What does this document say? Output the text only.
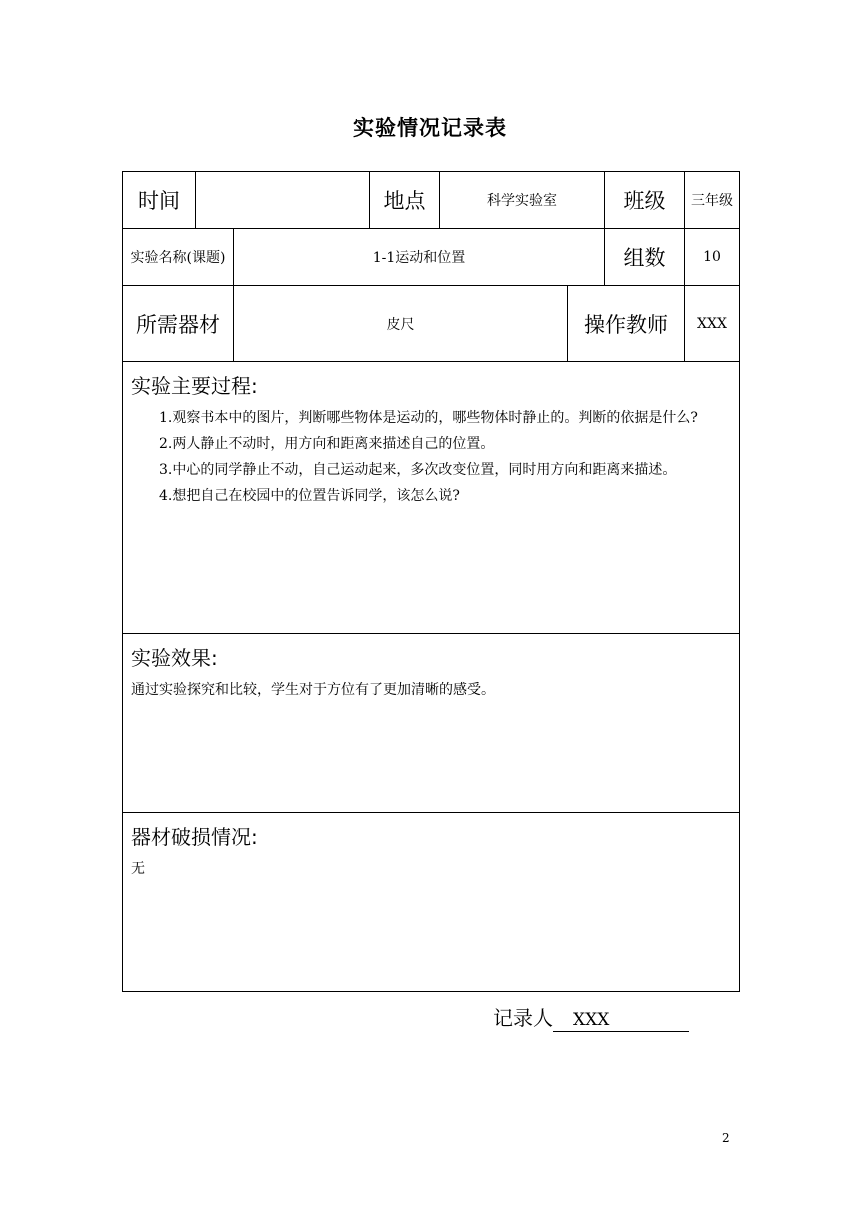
实验情况记录表
时间			地点	科学实验室		班级	三年级
实验名称(课题)		1-1运动和位置				组数	10
所需器材		皮尺			操作教师		XXX

实验主要过程:

1.观察书本中的图片，判断哪些物体是运动的，哪些物体时静止的。判断的依据是什么?

2.两人静止不动时，用方向和距离来描述自己的位置。

3.中心的同学静止不动，自己运动起来，多次改变位置，同时用方向和距离来描述。

4.想把自己在校园中的位置告诉同学，该怎么说?							

实验效果:

通过实验探究和比较，学生对于方位有了更加清晰的感受。							

器材破损情况:

无							

记录人 XXX
2
